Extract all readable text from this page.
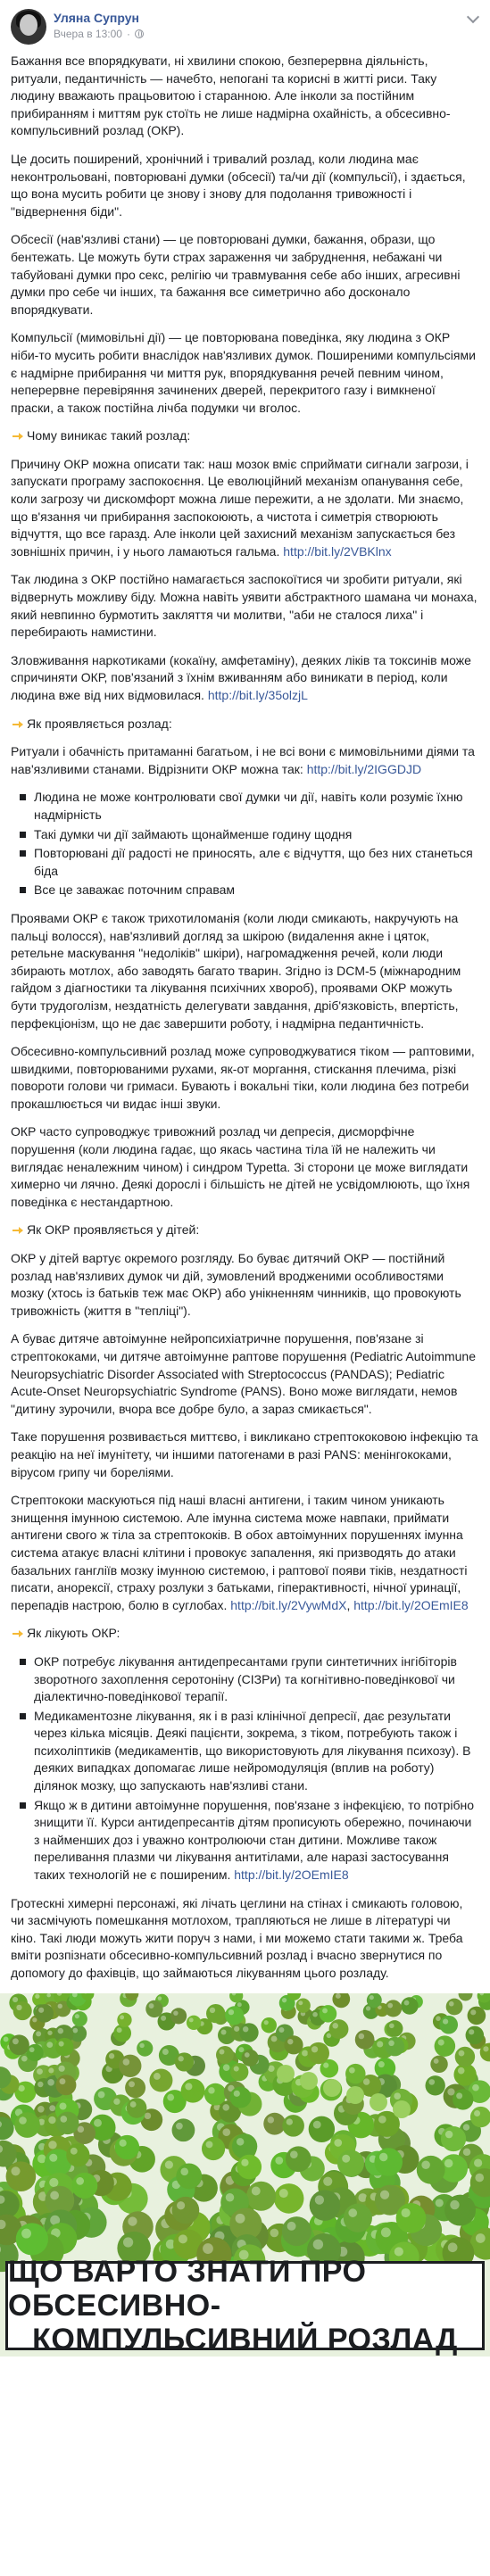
Уляна Супрун
Вчера в 13:00 ·

Бажання все впорядкувати, ні хвилини спокою, безперервна діяльність, ритуали, педантичність — начебто, непогані та корисні в житті риси. Таку людину вважають працьовитою і старанною. Але інколи за постійним прибиранням і миттям рук стоїть не лише надмірна охайність, а обсесивно-компульсивний розлад (ОКР).

Це досить поширений, хронічний і тривалий розлад, коли людина має неконтрольовані, повторювані думки (обсесії) та/чи дії (компульсії), і здається, що вона мусить робити це знову і знову для подолання тривожності і "відвернення біди".

Обсесії (нав'язливі стани) — це повторювані думки, бажання, образи, що бентежать. Це можуть бути страх зараження чи забруднення, небажані чи табуйовані думки про секс, релігію чи травмування себе або інших, агресивні думки про себе чи інших, та бажання все симетрично або досконало впорядкувати.

Компульсії (мимовільні дії) — це повторювана поведінка, яку людина з ОКР ніби-то мусить робити внаслідок нав'язливих думок. Поширеними компульсіями є надмірне прибирання чи миття рук, впорядкування речей певним чином, неперервне перевіряння зачинених дверей, перекритого газу і вимкненої праски, а також постійна лічба подумки чи вголос.

Чому виникає такий розлад:

Причину ОКР можна описати так: наш мозок вміє сприймати сигнали загрози, і запускати програму заспокоєння. Це еволюційний механізм опанування себе, коли загрозу чи дискомфорт можна лише пережити, а не здолати. Ми знаємо, що в'язання чи прибирання заспокоюють, а чистота і симетрія створюють відчуття, що все гаразд. Але інколи цей захисний механізм запускається без зовнішніх причин, і у нього ламаються гальма. http://bit.ly/2VBKlnx

Так людина з ОКР постійно намагається заспокоїтися чи зробити ритуали, які відвернуть можливу біду. Можна навіть уявити абстрактного шамана чи монаха, який невпинно бурмотить закляття чи молитви, "аби не сталося лиха" і перебирають намистини.

Зловживання наркотиками (кокаїну, амфетаміну), деяких ліків та токсинів може спричиняти ОКР, пов'язаний з їхнім вживанням або виникати в період, коли людина вже від них відмовилася. http://bit.ly/35olzjL

Як проявляється розлад:

Ритуали і обачність притаманні багатьом, і не всі вони є мимовільними діями та нав'язливими станами. Відрізнити ОКР можна так: http://bit.ly/2IGGDJD

Людина не може контролювати свої думки чи дії, навіть коли розуміє їхню надмірність
Такі думки чи дії займають щонайменше годину щодня
Повторювані дії радості не приносять, але є відчуття, що без них станеться біда
Все це заважає поточним справам

Проявами ОКР є також трихотиломанія (коли люди смикають, накручують на пальці волосся), нав'язливий догляд за шкірою (видалення акне і цяток, ретельне маскування "недоліків" шкіри), нагромадження речей, коли люди збирають мотлох, або заводять багато тварин. Згідно із DCM-5 (міжнародним гайдом з діагностики та лікування психічних хвороб), проявами ОКР можуть бути трудоголізм, нездатність делегувати завдання, дріб'язковість, впертість, перфекціонізм, що не дає завершити роботу, і надмірна педантичність.

Обсесивно-компульсивний розлад може супроводжуватися тіком — раптовими, швидкими, повторюваними рухами, як-от моргання, стискання плечима, різкі повороти голови чи гримаси. Бувають і вокальні тіки, коли людина без потреби прокашлюється чи видає інші звуки.

ОКР часто супроводжує тривожний розлад чи депресія, дисморфічне порушення (коли людина гадає, що якась частина тіла їй не належить чи виглядає неналежним чином) і синдром Турetta. Зі сторони це може виглядати химерно чи лячно. Деякі дорослі і більшість не дітей не усвідомлюють, що їхня поведінка є нестандартною.

Як ОКР проявляється у дітей:

ОКР у дітей вартує окремого розгляду. Бо буває дитячий ОКР — постійний розлад нав'язливих думок чи дій, зумовлений вродженими особливостями мозку (хтось із батьків теж має ОКР) або унікненням чинників, що провокують тривожність (життя в "тепліці").

А буває дитяче автоімунне нейропсихіатричне порушення, пов'язане зі стрептококами, чи дитяче автоімунне раптове порушення (Pediatric Autoimmune Neuropsychiatric Disorder Associated with Streptococcus (PANDAS); Pediatric Acute-Onset Neuropsychiatric Syndrome (PANS). Воно може виглядати, немов "дитину зурочили, вчора все добре було, а зараз смикається".

Таке порушення розвивається миттєво, і викликано стрептококовою інфекцію та реакцію на неї імунітету, чи іншими патогенами в разі PANS: менінгококами, вірусом грипу чи бореліями.

Стрептококи маскуються під наші власні антигени, і таким чином уникають знищення імунною системою. Але імунна система може навпаки, приймати антигени свого ж тіла за стрептококів. В обох автоімунних порушеннях імунна система атакує власні клітини і провокує запалення, які призводять до атаки базальних гангліїв мозку імунною системою, і раптової появи тіків, нездатності писати, анорексії, страху розлуки з батьками, гіперактивності, нічної уринації, перепадів настрою, болю в суглобах. http://bit.ly/2VywMdX, http://bit.ly/2OEmIE8

Як лікують ОКР:

ОКР потребує лікування антидепресантами групи синтетичних інгібіторів зворотного захоплення серотоніну (СІЗРи) та когнітивно-поведінкової чи діалектично-поведінкової терапії.
Медикаментозне лікування, як і в разі клінічної депресії, дає результати через кілька місяців. Деякі пацієнти, зокрема, з тіком, потребують також і психоліптиків (медикаментів, що використовують для лікування психозу). В деяких випадках допомагає лише нейромодуляція (вплив на роботу) ділянок мозку, що запускають нав'язливі стани.
Якщо ж в дитини автоімунне порушення, пов'язане з інфекцією, то потрібно знищити її. Курси антидепресантів дітям прописують обережно, починаючи з найменших доз і уважно контролюючи стан дитини. Можливе також переливання плазми чи лікування антитілами, але наразі застосування таких технологій не є поширеним. http://bit.ly/2OEmIE8

Гротескні химерні персонажі, які лічать цеглини на стінах і смикають головою, чи засмічують помешкання мотлохом, трапляються не лише в літературі чи кіно. Такі люди можуть жити поруч з нами, і ми можемо стати такими ж. Треба вміти розпізнати обсесивно-компульсивний розлад і вчасно звернутися по допомогу до фахівців, що займаються лікуванням цього розладу.

ЩО ВАРТО ЗНАТИ ПРО ОБСЕСИВНО-
КОМПУЛЬСИВНИЙ РОЗЛАД
